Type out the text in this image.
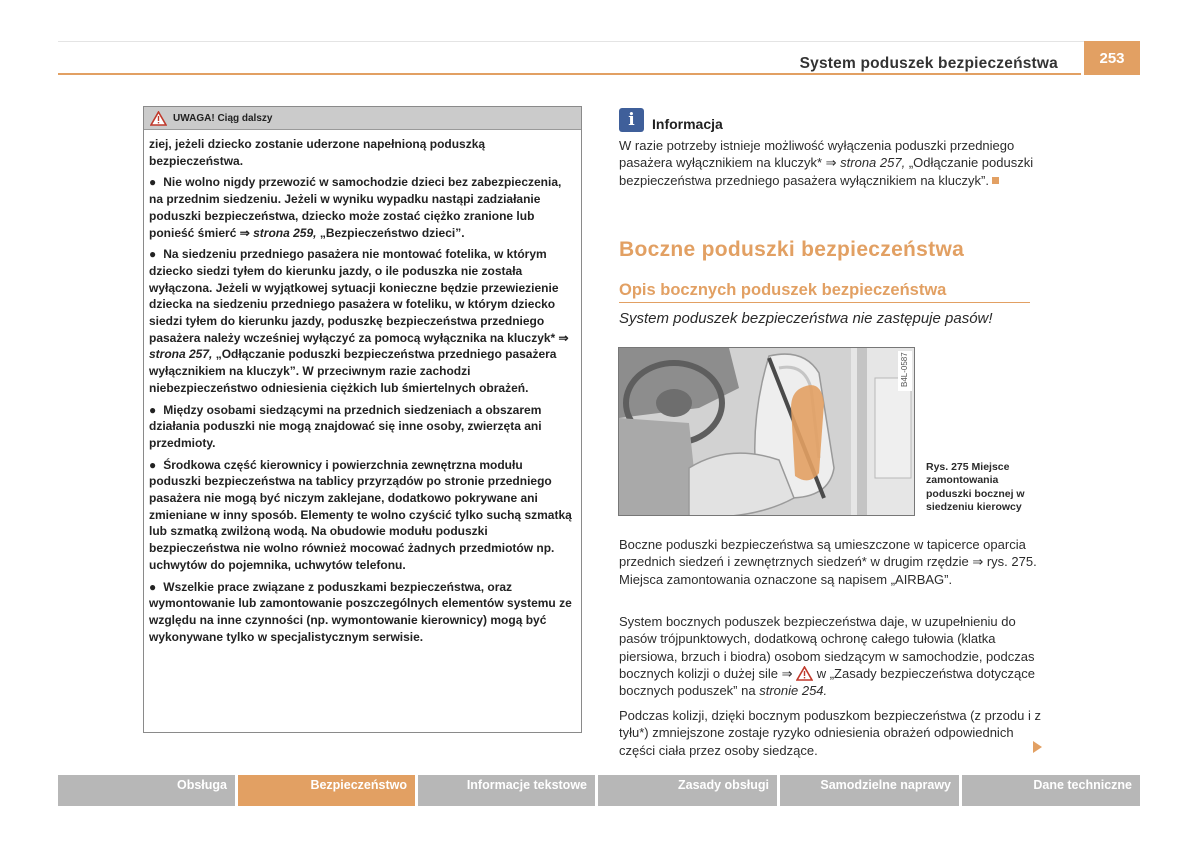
System poduszek bezpieczeństwa	253
UWAGA! Ciąg dalszy

ziej, jeżeli dziecko zostanie uderzone napełnioną poduszką bezpieczeństwa.

● Nie wolno nigdy przewozić w samochodzie dzieci bez zabezpieczenia, na przednim siedzeniu. Jeżeli w wyniku wypadku nastąpi zadziałanie poduszki bezpieczeństwa, dziecko może zostać ciężko zranione lub ponieść śmierć ⇒ strona 259, „Bezpieczeństwo dzieci”.

● Na siedzeniu przedniego pasażera nie montować fotelika, w którym dziecko siedzi tyłem do kierunku jazdy, o ile poduszka nie została wyłączona. Jeżeli w wyjątkowej sytuacji konieczne będzie przewiezienie dziecka na siedzeniu przedniego pasażera w foteliku, w którym dziecko siedzi tyłem do kierunku jazdy, poduszkę bezpieczeństwa przedniego pasażera należy wcześniej wyłączyć za pomocą wyłącznika na kluczyk* ⇒ strona 257, „Odłączanie poduszki bezpieczeństwa przedniego pasażera wyłącznikiem na kluczyk”. W przeciwnym razie zachodzi niebezpieczeństwo odniesienia ciężkich lub śmiertelnych obrażeń.

● Między osobami siedzącymi na przednich siedzeniach a obszarem działania poduszki nie mogą znajdować się inne osoby, zwierzęta ani przedmioty.

● Środkowa część kierownicy i powierzchnia zewnętrzna modułu poduszki bezpieczeństwa na tablicy przyrządów po stronie przedniego pasażera nie mogą być niczym zaklejane, dodatkowo pokrywane ani zmieniane w inny sposób. Elementy te wolno czyścić tylko suchą szmatką lub szmatką zwilżoną wodą. Na obudowie modułu poduszki bezpieczeństwa nie wolno również mocować żadnych przedmiotów np. uchwytów do pojemnika, uchwytów telefonu.

● Wszelkie prace związane z poduszkami bezpieczeństwa, oraz wymontowanie lub zamontowanie poszczególnych elementów systemu ze względu na inne czynności (np. wymontowanie kierownicy) mogą być wykonywane tylko w specjalistycznym serwisie.

i	Informacja
W razie potrzeby istnieje możliwość wyłączenia poduszki przedniego pasażera wyłącznikiem na kluczyk* ⇒ strona 257, „Odłączanie poduszki bezpieczeństwa przedniego pasażera wyłącznikiem na kluczyk”.
Boczne poduszki bezpieczeństwa
Opis bocznych poduszek bezpieczeństwa
System poduszek bezpieczeństwa nie zastępuje pasów!
B4L-0587
Rys. 275 Miejsce zamontowania poduszki bocznej w siedzeniu kierowcy
Boczne poduszki bezpieczeństwa są umieszczone w tapicerce oparcia przednich siedzeń i zewnętrznych siedzeń* w drugim rzędzie ⇒ rys. 275. Miejsca zamontowania oznaczone są napisem „AIRBAG”.
System bocznych poduszek bezpieczeństwa daje, w uzupełnieniu do pasów trójpunktowych, dodatkową ochronę całego tułowia (klatka piersiowa, brzuch i biodra) osobom siedzącym w samochodzie, podczas bocznych kolizji o dużej sile ⇒ w „Zasady bezpieczeństwa dotyczące bocznych poduszek” na stronie 254.
Podczas kolizji, dzięki bocznym poduszkom bezpieczeństwa (z przodu i z tyłu*) zmniejszone zostaje ryzyko odniesienia obrażeń odpowiednich części ciała przez osoby siedzące.
Obsługa	Bezpieczeństwo	Informacje tekstowe	Zasady obsługi	Samodzielne naprawy	Dane techniczne
